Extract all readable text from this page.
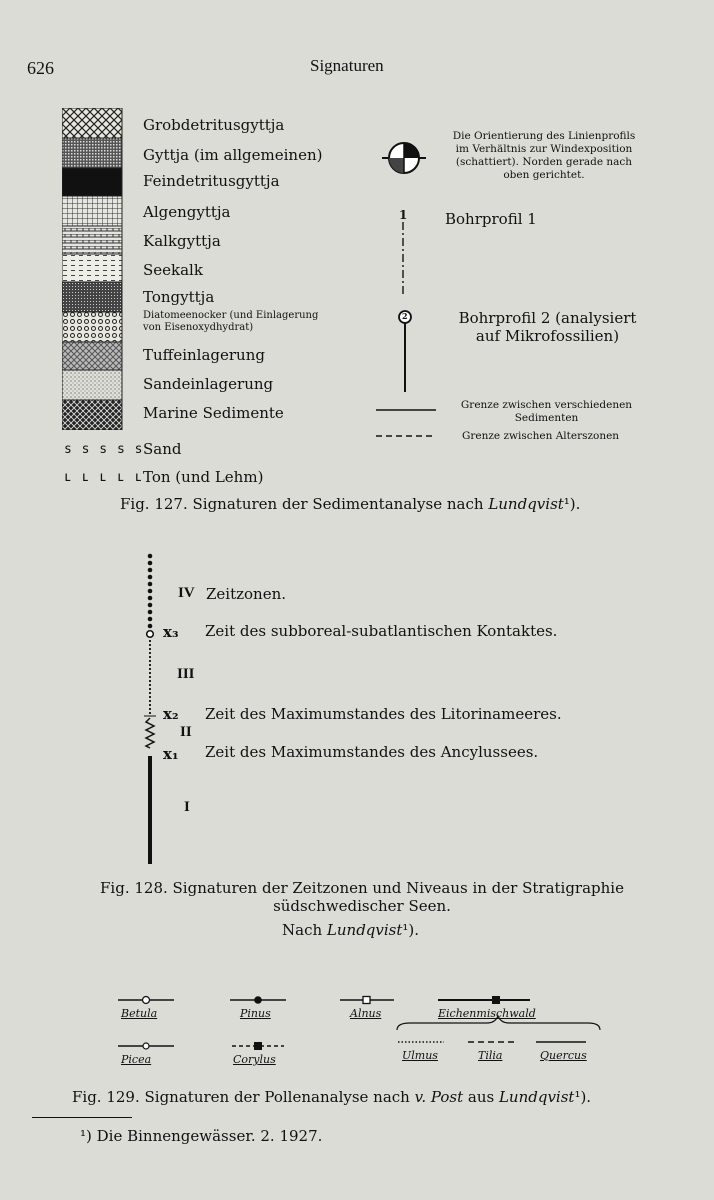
626	Signaturen
Grobdetritusgyttja
Gyttja (im allgemeinen)
Feindetritusgyttja
Algengyttja
Kalkgyttja
Seekalk
Tongyttja
Diatomeenocker (und Einlagerung
von Eisenoxydhydrat)
Tuffeinlagerung
Sandeinlagerung
Marine Sedimente
s s s s s Sand
ʟ ʟ ʟ ʟ ʟ Ton (und Lehm)
Die Orientierung des Linienprofils
im Verhältnis zur Windexposition
(schattiert). Norden gerade nach
oben gerichtet.
1	Bohrprofil 1
2	Bohrprofil 2 (analysiert
auf Mikrofossilien)
Grenze zwischen verschiedenen
Sedimenten
Grenze zwischen Alterszonen
Fig. 127. Signaturen der Sedimentanalyse nach Lundqvist¹).
IV Zeitzonen.
x₃ Zeit des subboreal-subatlantischen Kontaktes.
III
x₂ Zeit des Maximumstandes des Litorinameeres.
II
x₁ Zeit des Maximumstandes des Ancylussees.
I
Fig. 128. Signaturen der Zeitzonen und Niveaus in der Stratigraphie
südschwedischer Seen.
Nach Lundqvist¹).
Betula	Pinus	Alnus	Eichenmischwald
Picea	Corylus	Ulmus	Tilia	Quercus
Fig. 129. Signaturen der Pollenanalyse nach v. Post aus Lundqvist¹).
¹) Die Binnengewässer. 2. 1927.
